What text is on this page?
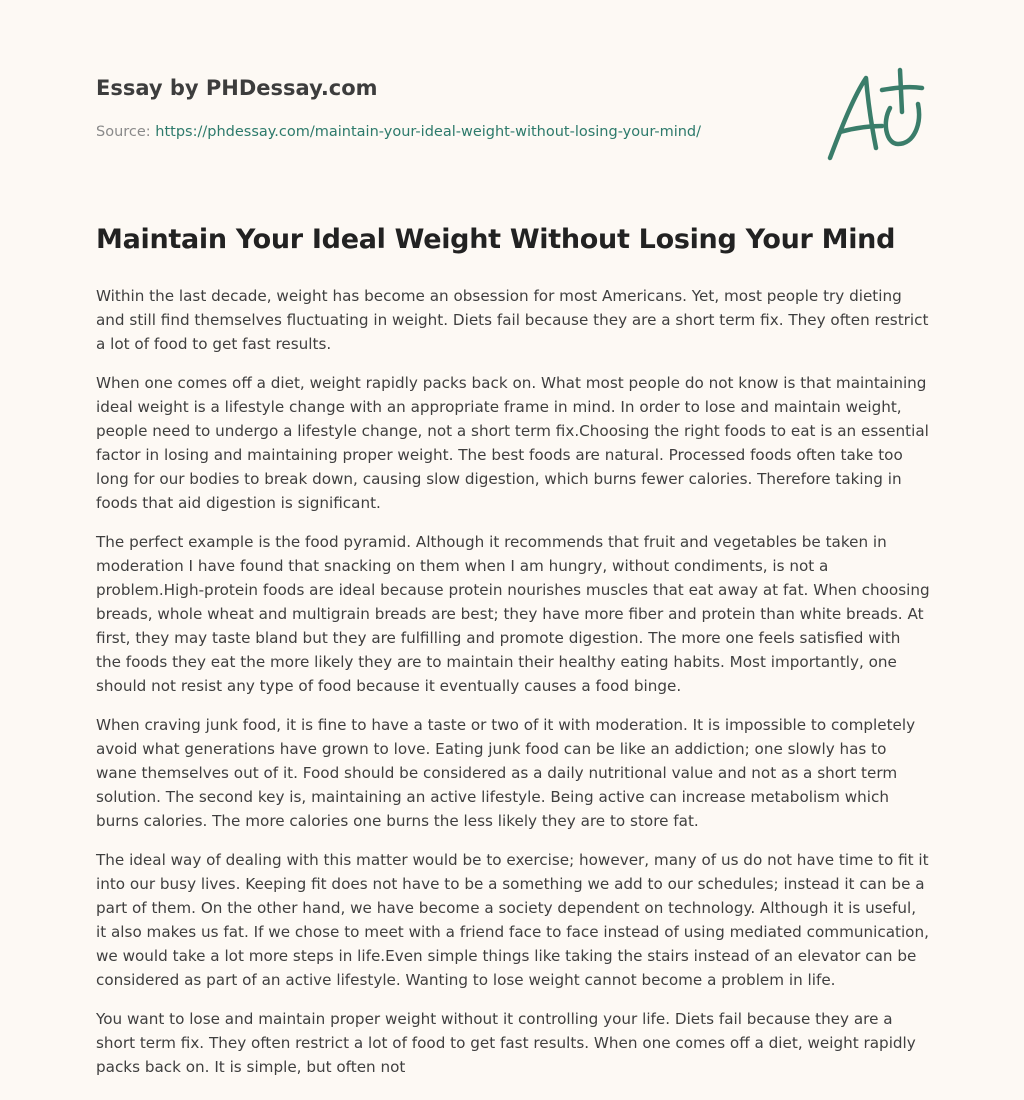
Essay by PHDessay.com

Source: https://phdessay.com/maintain-your-ideal-weight-without-losing-your-mind/

Maintain Your Ideal Weight Without Losing Your Mind

Within the last decade, weight has become an obsession for most Americans. Yet, most people try dieting and still find themselves fluctuating in weight. Diets fail because they are a short term fix. They often restrict a lot of food to get fast results.

When one comes off a diet, weight rapidly packs back on. What most people do not know is that maintaining ideal weight is a lifestyle change with an appropriate frame in mind. In order to lose and maintain weight, people need to undergo a lifestyle change, not a short term fix.Choosing the right foods to eat is an essential factor in losing and maintaining proper weight. The best foods are natural. Processed foods often take too long for our bodies to break down, causing slow digestion, which burns fewer calories. Therefore taking in foods that aid digestion is significant.

The perfect example is the food pyramid. Although it recommends that fruit and vegetables be taken in moderation I have found that snacking on them when I am hungry, without condiments, is not a problem.High-protein foods are ideal because protein nourishes muscles that eat away at fat. When choosing breads, whole wheat and multigrain breads are best; they have more fiber and protein than white breads. At first, they may taste bland but they are fulfilling and promote digestion. The more one feels satisfied with the foods they eat the more likely they are to maintain their healthy eating habits. Most importantly, one should not resist any type of food because it eventually causes a food binge.

When craving junk food, it is fine to have a taste or two of it with moderation. It is impossible to completely avoid what generations have grown to love. Eating junk food can be like an addiction; one slowly has to wane themselves out of it. Food should be considered as a daily nutritional value and not as a short term solution. The second key is, maintaining an active lifestyle. Being active can increase metabolism which burns calories. The more calories one burns the less likely they are to store fat.

The ideal way of dealing with this matter would be to exercise; however, many of us do not have time to fit it into our busy lives. Keeping fit does not have to be a something we add to our schedules; instead it can be a part of them. On the other hand, we have become a society dependent on technology. Although it is useful, it also makes us fat. If we chose to meet with a friend face to face instead of using mediated communication, we would take a lot more steps in life.Even simple things like taking the stairs instead of an elevator can be considered as part of an active lifestyle. Wanting to lose weight cannot become a problem in life.

You want to lose and maintain proper weight without it controlling your life. Diets fail because they are a short term fix. They often restrict a lot of food to get fast results. When one comes off a diet, weight rapidly packs back on. It is simple, but often not
